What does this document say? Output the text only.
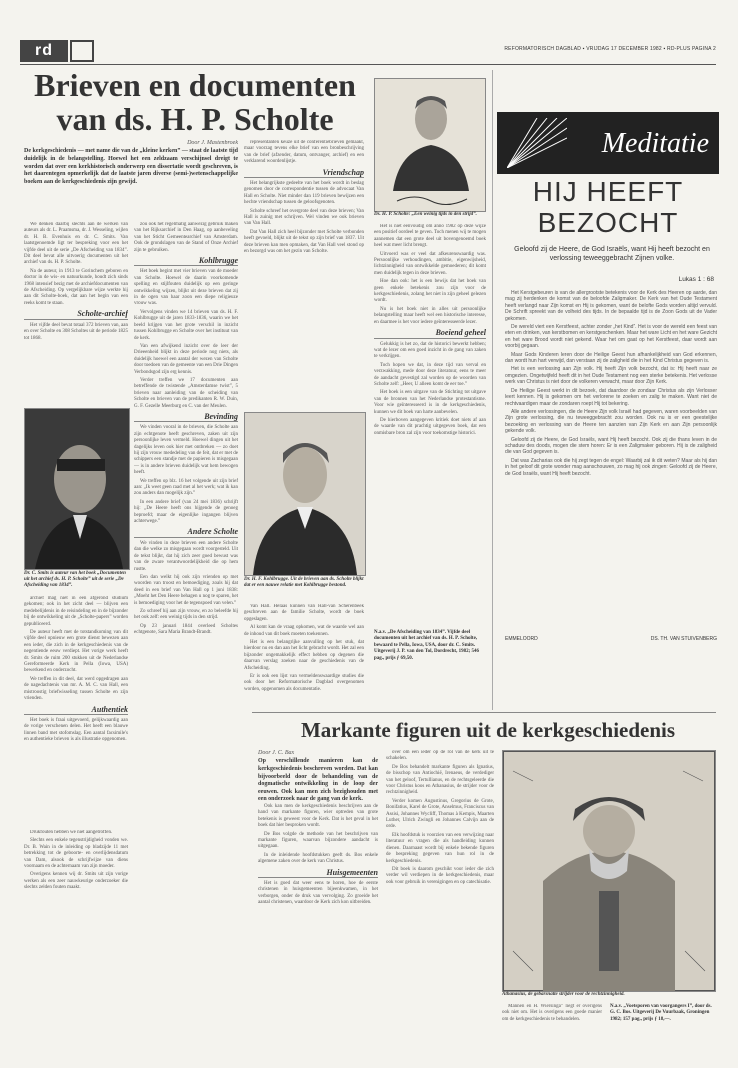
rd	REFORMATORISCH DAGBLAD ▪ VRIJDAG 17 DECEMBER 1982 ▪ RD-PLUS PAGINA 2
Brieven en documenten
van ds. H. P. Scholte
Door J. Mastenbroek
De kerkgeschiedenis — met name die van de „kleine kerken” — staat de laatste tijd duidelijk in de belangstelling. Hoewel het een zeldzaam verschijnsel dreigt te worden dat over een kerkhistorisch onderwerp een dissertatie wordt geschreven, is het daarentegen opmerkelijk dat de laatste jaren diverse (semi-)wetenschappelijke boeken aan de kerkgeschiedenis zijn gewijd.

We denken daarbij slechts aan de werken van auteurs als dr. L. Praamsma, dr. J. Wesseling, wijlen dr. H. B. Evenhuis en dr. C. Smits. Van laatstgenoemde ligt ter bespreking voor een het vijfde deel uit de serie „De Afscheiding van 1834”. Dit deel bevat alle uitvoerig documenten uit het archief van ds. H. P. Scholte.

Na de auteur, in 1913 te Gorinchem geboren en doctor in de wis- en natuurkunde, houdt zich sinds 1968 intensief bezig met de archiefdocumenten van de Afscheiding. Op vergelijkbare wijze werkte hij aan dit Scholte-boek, dat aan het begin van een reeks komt te staan.

Scholte-archief

Het vijfde deel bevat totaal 372 brieven van, aan en over Scholte en 308 Scholtes uit de periode 1825 tot 1868.

Dr. C. Smits is auteur van het boek „Documenten uit het archief ds. H. P. Scholte” uit de serie „De Afscheiding van 1834”.

archief mag niet in een afgerond studium gekomen; ook in het zicht deel — blijven een medebelijdenis in de reisindeling en in de bijzonder bij de ontwikkeling uit de „Scholte-papers” worden gepubliceerd.

De auteur heeft met de totstandkoming van dit vijfde deel opnieuw een grote dienst bewezen aan een ieder, die zich in de kerkgeschiedenis van de negentiende eeuw verdiept. Het vorige werk heeft dr. Smits de ruim 200 stukken uit de Nederlandse Gereformeerde Kerk in Pella (Iowa, USA) bewerkend en onderzocht.

We treffen in dit deel, dat werd opgedragen aan de nagedachtenis van mr. A. M. C. van Hall, een mistroostig briefwisseling tussen Scholte en zijn vrienden.

Authentiek

Het boek is fraai uitgevoerd, gelijkwaardig aan de vorige verschenen delen. Het heeft een blauwe linnen band met stofomslag. Een aantal facsimile's en authentieke brieven is als illustratie opgenomen.

Drukfouten hebben we niet aangetroffen.

Slechts een enkele tegenstrijdigheid vonden we. Dr. B. Wain in de inleiding op bladzijde 11 met betrekking tot de geboorte- en overlijdensdatum van Dam, alsook de schrijfwijze van diens voornaam en de achternaam van zijn moeder.

Overigens kennen wij dr. Smits uit zijn vorige werken als een zeer nauwkeurige onderzoeker die slechts zelden fouten maakt.

zou ook het regelmatig aanwezig gebruik maken van het Rijksarchief in Den Haag, op aanbeveling van het Sticht Gemeentearchief van Amsterdam. Ook de grondslagen van de Stand of Onze Archief zijn te gebruiken.

Kohlbrugge

Het boek begint met vier brieven van de moeder van Scholte. Hoewel de daarin voorkomende spelling en stijlfouten duidelijk op een geringe ontwikkeling wijzen, blijkt uit deze brieven dat zij in de ogen van haar zoon een diepe religieuze vrouw was.

Vervolgens vinden we 14 brieven van ds. H. F. Kohlbrugge uit de jaren 1833-1836, waarin we het beeld krijgen van het grote verschil in inzicht tussen Kohlbrugge en Scholte over het instituut van de kerk.

Van een afwijkend inzicht over de leer der Drieeenheid blijkt in deze periode nog niets, als duidelijk hoewel een aantal der wezen van Scholte door toedoen van de gemeente van een Drie Dingen Verbondsgod zijn erg kennis.

Verder treffen we 17 documenten aan betreffende de twistende „Amsterdamse twist”, 5 brieven naar aanleiding van de scheiding van Scholte en brieven van de predikanten R. W. Duin, G. F. Gezelle Meerburg en C. van der Meulen.

Bevinding

We vinden vooral in de brieven, die Scholte aan zijn echtgenote heeft geschreven, zaken uit zijn persoonlijke leven vermeld. Hoewel dingen uit het dagelijks leven ook hier met ontbreken — zo doet hij zijn vrouw mededeling van de feit, dat er met de schippers een standje met de papieren is misgegaan — is in andere brieven duidelijk wat hem bewogen heeft.

We treffen op blz. 16 het volgende uit zijn brief aan: „Ik weet geen raad met al het werk; wat ik kan zou anders dan mogelijk zijn.”

In een andere brief (van 24 mei 1836) schrijft hij: „De Heere heeft ons hijgende de genoeg beproefd; maar de eigenlijke ingangen blijven achterwege.”

Andere Scholte

We vinden in deze brieven een andere Scholte dan die welke zo misgegaan wordt voorgesteld. Uit de tekst blijkt, dat hij zich zeer goed bewust was van de zware verantwoordelijkheid die op hem rustte.

Een dan welkt hij ook zijn vrienden op met woorden van troost en bemoediging, zoals hij dat deed in een brief van Van Hall op 1 juni 1838: „Moeht het Den Heere behagen u nog te sparen, het is bemoediging voor het de tegenspoed van velen.”

Zo schreef hij aan zijn vrouw, en zo beleefde hij het ook zelf: een weinig tijds in den strijd.

Op 23 januari 1844 overleed Scholtes echtgenote, Sara Maria Brandt-Brandt.

representanten keuze uit de conferentiebrieven gemaakt, maar voorzag tevens elke brief van een bronbeschrijving van de brief (afzender, datum, ontvanger, archief) en een verklarend woordenlijstje.

Vriendschap

Het belangrijkste gedeelte van het boek wordt in beslag genomen door de correspondentie tussen de advocaat Van Hall en Scholte. Niet minder dan 119 brieven bewijzen een hechte vriendschap tussen de geloofsgenoten.

Scholte schreef het overgrote deel van deze brieven; Van Hall is zuinig met schrijven. Wel vinden we ook brieven van Van Hall.

Dat Van Hall zich heel bijzonder met Scholte verbonden heeft gevoeld, blijkt uit de tekst op zijn brief van 1837. Uit deze brieven kan men opmaken, dat Van Hall veel stond op en bezorgd was om het gezin van Scholte.

Dr. H. F. Kohlbrugge. Uit de brieven aan ds. Scholte blijkt dat er een nauwe relatie met Kohlbrugge bestond.

Van Hall. Helaas kunnen van Hall-van Scherenbeek geschreven aan de familie Scholte, wordt de boek opgeslagen.

Al komt kan de vraag opkomen, wat de waarde wel aan de inhoud van dit boek moeten toekennen.

Het is een belangrijke aanvulling op het stuk, dat hierdoor nu en dan aan het licht gebracht wordt. Het zal een bijzonder ongemakkelijk effect hebben op degenen die daarvan verslag zoeken naar de geschiedenis van de Afscheiding.

Er is ook een lijst van vermeldenswaardige studies die ook door het Reformatorische Dagblad overgenomen worden, opgenomen als documentatie.

Ds. H. P. Scholte: „Een weinig tijds in den strijd”.

Het is niet eenvoudig om anno 1982 op deze wijze een positief oordeel te geven. Toch menen wij te mogen aannemen dat een grote deel uit bovengenoemd boek heel wat meer licht brengt.

Uitvoerd was er veel dat afkeurenswaardig was. Persoonlijke verhoudingen, ambitie, eigenwijsheid, lichtzinnigheid van ontwikkelde gemoederen; dit komt men duidelijk tegen in deze brieven.

Hoe dan ook: het is een bewijs dat het boek van geen enkele betekenis zou zijn voor de kerkgeschiedenis, zolang het niet in zijn geheel gelezen wordt.

Nu is het boek niet in alles uit persoonlijke belangstelling maar heeft wel een historische interesse, en daarmee is het voor iedere geïnteresseerde lezer.

Boeiend geheel

Gelukkig is het zo, dat de historici bewerkt hebben; wat de lezer om een goed inzicht in de gang van zaken te verkrijgen.

Toch hopen we dat, in deze tijd van verval en verzwakking, mede door deze literatuur, eens te meer de aandacht gevestigd zal worden op de woorden van Scholte zelf: „Heer, U alleen komt de eer toe.”

Het boek is een uitgave van de Stichting tot uitgave van de bronnen van het Nederlandse protestantisme. Voor wie geïnteresseerd is in de kerkgeschiedenis, kunnen we dit boek van harte aanbevelen.

De hierboven aangegeven kritiek doet niets af aan de waarde van dit prachtig uitgegeven boek, dat een onmisbare bron zal zijn voor toekomstige historici.

N.a.v. „De Afscheiding van 1834”. Vijfde deel documenten uit het archief van ds. H. P. Scholte, bewaard te Pella, Iowa, USA, door dr. C. Smits. Uitgeverij J. P. van den Tol, Dordrecht, 1982; 546 pag., prijs ƒ 69,50.
Meditatie
HIJ HEEFT
BEZOCHT
Geloofd zij de Heere, de God Israëls, want Hij heeft bezocht en verlossing teweeggebracht Zijnen volke.
Lukas 1 : 68

Het Kerstgebeuren is van de allergrootste betekenis voor de Kerk des Heeren op aarde, dan mag zij herdenken de komst van de beloofde Zaligmaker. De Kerk van het Oude Testament heeft verlangd naar Zijn komst en Hij is gekomen, want de belofte Gods worden altijd vervuld. De Schrift spreekt van de volheid des tijds. In de bepaalde tijd is de Zoon Gods uit de Vader gekomen.

De wereld viert een Kerstfeest, achter zonder „het Kind”. Het is voor de wereld een feest van eten en drinken, van kerstbomen en kerstgeschenken. Maar het ware Licht en het ware Gezicht en het ware Brood wordt niet gekend. Waar het om gaat op het Kerstfeest, daar wordt aan voorbij gegaan.

Maar Gods Kinderen leren door de Heilige Geest hun afhankelijkheid van God erkennen, dan wordt hun hart verwijd, dan verstaan zij de zaligheid die in het Kind Christus gegeven is.

Het is een verlossing aan Zijn volk. Hij heeft Zijn volk bezocht, dat is: Hij heeft naar ze omgezien. Ongetwijfeld heeft dit in het Oude Testament nog een sterke betekenis. Het verlosse werk van Christus is niet door de volkeren verwacht, maar door Zijn Kerk.

De Heilige Geest werkt in dit bezoek, dat daardoor de zondaar Christus als zijn Verlosser leert kennen. Hij is gekomen om het verlorene te zoeken en zalig te maken. Want niet de rechtvaardigen maar de zondaren roept Hij tot bekering.

Alle andere verlossingen, die de Heere Zijn volk Israël had gegeven, waren voorbeelden van Zijn grote verlossing, die nu teweeggebracht zou worden. Ook nu is er een geestelijke bezoeking en verlossing van de Heere ten aanzien van Zijn Kerk en aan Zijn persoonlijk gekende volk.

Geloofd zij de Heere, de God Israëls, want Hij heeft bezocht. Ook zij die thans leven in de schaduw des doods, mogen die stem horen: Er is een Zaligmaker geboren. Hij is de zaligheid die van God gegeven is.

Dat was Zacharias ook die hij zegt tegen de engel: Waarbij zal ik dit weten? Maar als hij dan in het geloof dit grote wonder mag aanschouwen, zo mag hij ook zingen: Geloofd zij de Heere, de God Israëls, want Hij heeft bezocht.

EMMELOORD	DS. TH. VAN STUIVENBERG
Markante figuren uit de kerkgeschiedenis
Door J. C. Bax
Op verschillende manieren kan de kerkgeschiedenis beschreven worden. Dat kan bijvoorbeeld door de behandeling van de dogmatische ontwikkeling in de loop der eeuwen. Ook kan men zich bezighouden met een onderzoek naar de gang van de kerk.

Ook kan men de kerkgeschiedenis beschrijven aan de hand van markante figuren, wier optreden van grote betekenis is geweest voor de Kerk. Dat is het geval in het boek dat hier besproken wordt.

De Bos volgde de methode van het beschrijven van markante figuren, waarvan bijzondere aandacht is uitgegaan.

In de inleidende hoofdstukken geeft ds. Bos enkele algemene zaken over de kerk van Christus.

Huisgemeenten

Het is goed dat weer eens te horen, hoe de eerste christenen in huisgemeenten bijeenkwamen, in het verborgen, onder de druk van vervolging. Zo groeide het aantal christenen, waardoor de Kerk zich kon uitbreiden.

over om een ieder op de rol van de kerk uit te schakelen.

De Bos behandelt markante figuren als Ignatius, de bisschop van Antiochië, Irenaeus, de verdediger van het geloof, Tertullianus, en de rechtsgeleerde die voor Christus koos en Athanasius, de strijder voor de rechtzinnigheid.

Verder komen Augustinus, Gregorius de Grote, Bonifatius, Karel de Grote, Anselmus, Franciscus van Assisi, Johannes Wycliff, Thomas à Kempis, Maarten Luther, Ulrich Zwingli en Johannes Calvijn aan de orde.

Elk hoofdstuk is voorzien van een verwijzing naar literatuur en vragen die als handleiding kunnen dienen. Daarnaast wordt bij enkele bekende figuren de bespreking gegeven van hun rol in de kerkgeschiedenis.

Dit boek is daarom geschikt voor ieder die zich verder wil verdiepen in de kerkgeschiedenis, maar ook voor gebruik in verenigingen en op catechisatie.

Athanasius, de gebarsnatte strijder voor de rechtzinnigheid.

Mannen en H. Wiersinga” liegt er overigens ook niet om. Het is overigens een goede manier om de kerkgeschiedenis te behandelen.

N.a.v. „Voetsporen van voorgangers I”, door ds. G. C. Bos. Uitgeverij De Vuurbaak, Groningen 1982; 157 pag., prijs ƒ 18,—.
